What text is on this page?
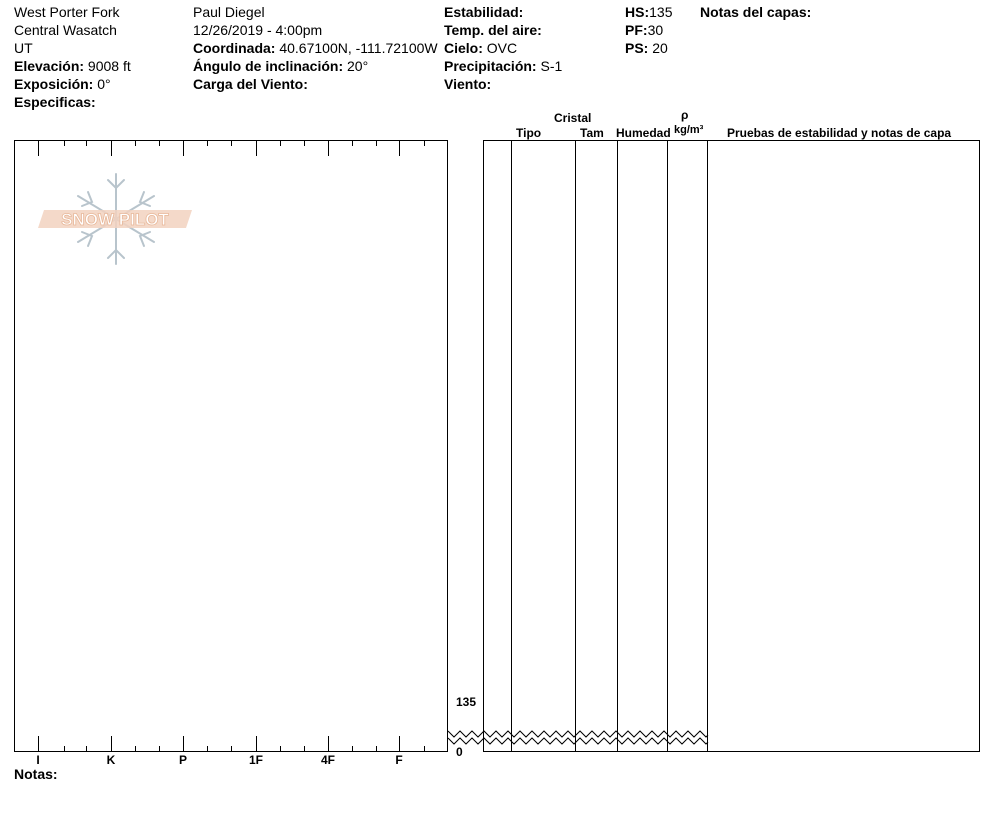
West Porter Fork
Central Wasatch
UT
Elevación: 9008 ft
Exposición: 0°
Especificas:
Paul Diegel
12/26/2019 - 4:00pm
Coordinada: 40.67100N, -111.72100W
Ángulo de inclinación: 20°
Carga del Viento:
Estabilidad:
Temp. del aire:
Cielo: OVC
Precipitación: S-1
Viento:
HS:135
PF:30
PS: 20
Notas del capas:
I	K	P	1F	4F	F
SNOW PILOT
135
0
Cristal
Tipo	Tam Humedad
ρ
kg/m³ Pruebas de estabilidad y notas de capa
Notas:
